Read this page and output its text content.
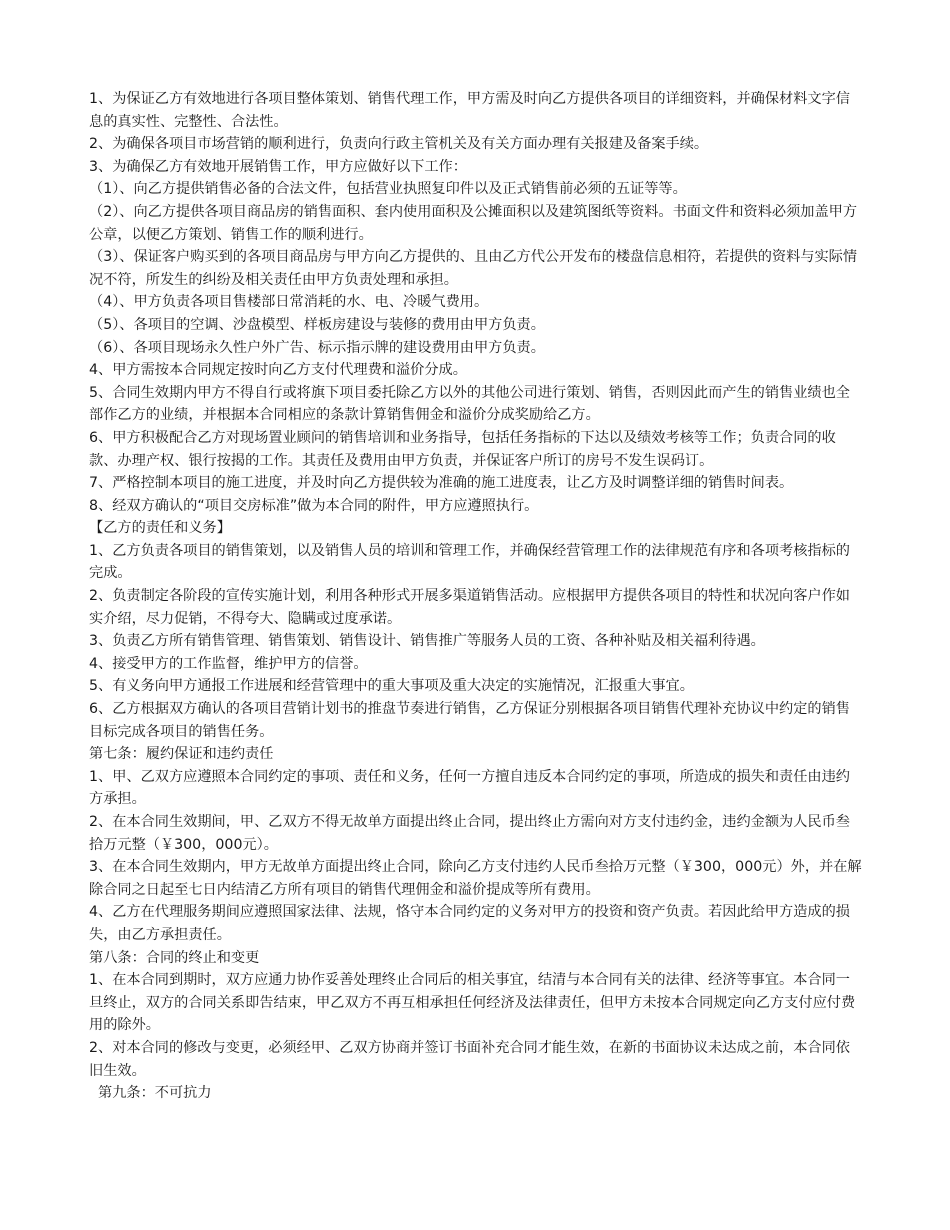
1、为保证乙方有效地进行各项目整体策划、销售代理工作，甲方需及时向乙方提供各项目的详细资料，并确保材料文字信息的真实性、完整性、合法性。

2、为确保各项目市场营销的顺利进行，负责向行政主管机关及有关方面办理有关报建及备案手续。

3、为确保乙方有效地开展销售工作，甲方应做好以下工作：

（1）、向乙方提供销售必备的合法文件，包括营业执照复印件以及正式销售前必须的五证等等。

（2）、向乙方提供各项目商品房的销售面积、套内使用面积及公摊面积以及建筑图纸等资料。书面文件和资料必须加盖甲方公章，以便乙方策划、销售工作的顺利进行。

（3）、保证客户购买到的各项目商品房与甲方向乙方提供的、且由乙方代公开发布的楼盘信息相符，若提供的资料与实际情况不符，所发生的纠纷及相关责任由甲方负责处理和承担。

（4）、甲方负责各项目售楼部日常消耗的水、电、冷暖气费用。

（5）、各项目的空调、沙盘模型、样板房建设与装修的费用由甲方负责。

（6）、各项目现场永久性户外广告、标示指示牌的建设费用由甲方负责。

4、甲方需按本合同规定按时向乙方支付代理费和溢价分成。

5、合同生效期内甲方不得自行或将旗下项目委托除乙方以外的其他公司进行策划、销售，否则因此而产生的销售业绩也全部作乙方的业绩，并根据本合同相应的条款计算销售佣金和溢价分成奖励给乙方。

6、甲方积极配合乙方对现场置业顾问的销售培训和业务指导，包括任务指标的下达以及绩效考核等工作；负责合同的收款、办理产权、银行按揭的工作。其责任及费用由甲方负责，并保证客户所订的房号不发生误码订。

7、严格控制本项目的施工进度，并及时向乙方提供较为准确的施工进度表，让乙方及时调整详细的销售时间表。

8、经双方确认的“项目交房标准”做为本合同的附件，甲方应遵照执行。

【乙方的责任和义务】

1、乙方负责各项目的销售策划，以及销售人员的培训和管理工作，并确保经营管理工作的法律规范有序和各项考核指标的完成。

2、负责制定各阶段的宣传实施计划，利用各种形式开展多渠道销售活动。应根据甲方提供各项目的特性和状况向客户作如实介绍，尽力促销，不得夸大、隐瞒或过度承诺。

3、负责乙方所有销售管理、销售策划、销售设计、销售推广等服务人员的工资、各种补贴及相关福利待遇。

4、接受甲方的工作监督，维护甲方的信誉。

5、有义务向甲方通报工作进展和经营管理中的重大事项及重大决定的实施情况，汇报重大事宜。

6、乙方根据双方确认的各项目营销计划书的推盘节奏进行销售，乙方保证分别根据各项目销售代理补充协议中约定的销售目标完成各项目的销售任务。

第七条：履约保证和违约责任

1、甲、乙双方应遵照本合同约定的事项、责任和义务，任何一方擅自违反本合同约定的事项，所造成的损失和责任由违约方承担。

2、在本合同生效期间，甲、乙双方不得无故单方面提出终止合同，提出终止方需向对方支付违约金，违约金额为人民币叁拾万元整（￥300，000元）。

3、在本合同生效期内，甲方无故单方面提出终止合同，除向乙方支付违约人民币叁拾万元整（￥300，000元）外，并在解除合同之日起至七日内结清乙方所有项目的销售代理佣金和溢价提成等所有费用。

4、乙方在代理服务期间应遵照国家法律、法规，恪守本合同约定的义务对甲方的投资和资产负责。若因此给甲方造成的损失，由乙方承担责任。

第八条：合同的终止和变更

1、在本合同到期时，双方应通力协作妥善处理终止合同后的相关事宜，结清与本合同有关的法律、经济等事宜。本合同一旦终止，双方的合同关系即告结束，甲乙双方不再互相承担任何经济及法律责任，但甲方未按本合同规定向乙方支付应付费用的除外。

2、对本合同的修改与变更，必须经甲、乙双方协商并签订书面补充合同才能生效，在新的书面协议未达成之前，本合同依旧生效。

第九条：不可抗力
